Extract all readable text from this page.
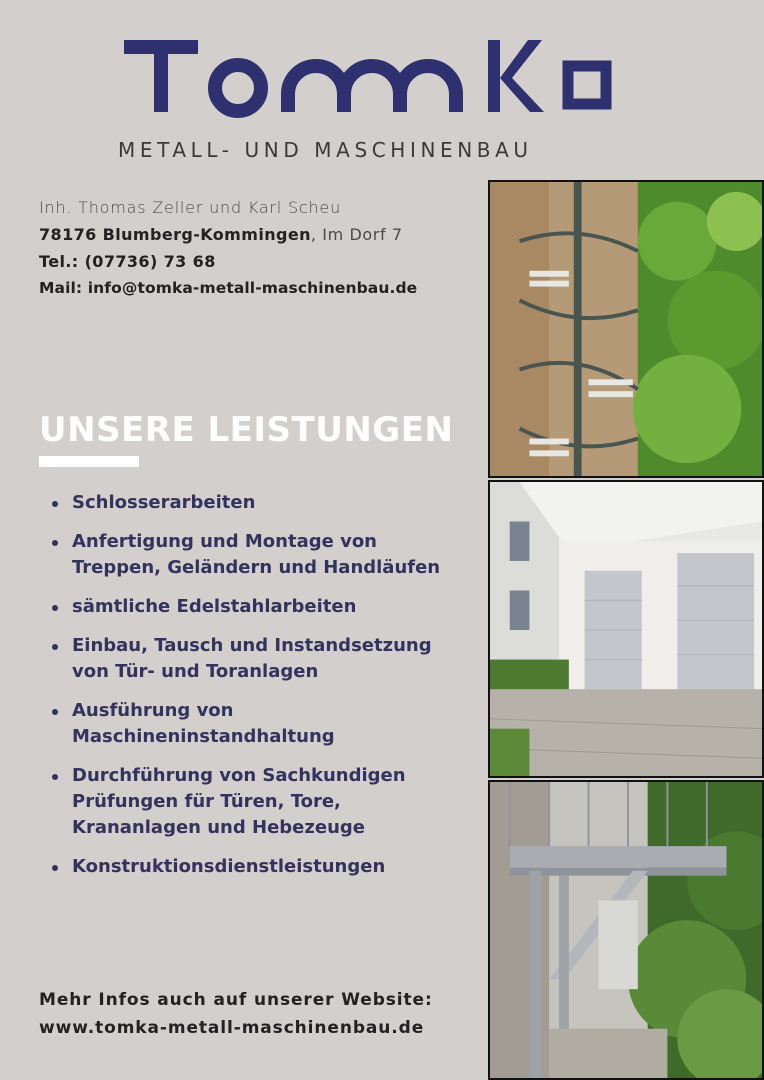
METALL- UND MASCHINENBAU
Inh. Thomas Zeller und Karl Scheu
78176 Blumberg-Kommingen, Im Dorf 7
Tel.: (07736) 73 68
Mail: info@tomka-metall-maschinenbau.de
UNSERE LEISTUNGEN
Schlosserarbeiten
Anfertigung und Montage von Treppen, Geländern und Handläufen
sämtliche Edelstahlarbeiten
Einbau, Tausch und Instandsetzung von Tür- und Toranlagen
Ausführung von Maschineninstandhaltung
Durchführung von Sachkundigen Prüfungen für Türen, Tore, Krananlagen und Hebezeuge
Konstruktionsdienstleistungen
Mehr Infos auch auf unserer Website:
www.tomka-metall-maschinenbau.de
